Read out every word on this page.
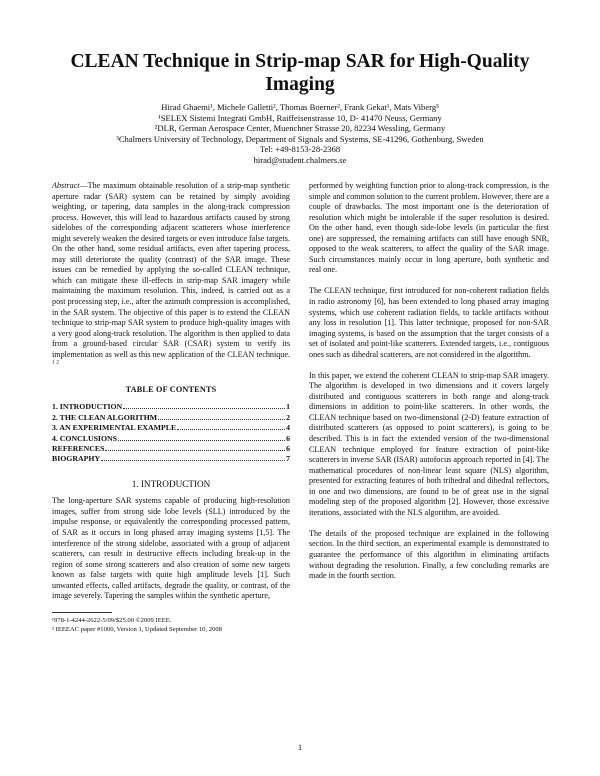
CLEAN Technique in Strip-map SAR for High-Quality Imaging
Hirad Ghaemi¹, Michele Galletti², Thomas Boerner², Frank Gekat¹, Mats Viberg³
¹SELEX Sistemi Integrati GmbH, Raiffeisenstrasse 10, D- 41470 Neuss, Germany
²DLR, German Aerospace Center, Muenchner Strasse 20, 82234 Wessling, Germany
³Chalmers University of Technology, Department of Signals and Systems, SE-41296, Gothenburg, Sweden
Tel: +49-8153-28-2368
hirad@student.chalmers.se

Abstract—The maximum obtainable resolution of a strip-map synthetic aperture radar (SAR) system can be retained by simply avoiding weighting, or tapering, data samples in the along-track compression process. However, this will lead to hazardous artifacts caused by strong sidelobes of the corresponding adjacent scatterers whose interference might severely weaken the desired targets or even introduce false targets. On the other hand, some residual artifacts, even after tapering process, may still deteriorate the quality (contrast) of the SAR image. These issues can be remedied by applying the so-called CLEAN technique, which can mitigate these ill-effects in strip-map SAR imagery while maintaining the maximum resolution. This, indeed, is carried out as a post processing step, i.e., after the azimuth compression is accomplished, in the SAR system. The objective of this paper is to extend the CLEAN technique to strip-map SAR system to produce high-quality images with a very good along-track resolution. The algorithm is then applied to data from a ground-based circular SAR (CSAR) system to verify its implementation as well as this new application of the CLEAN technique. $^{1 2}$

TABLE OF CONTENTS
1. INTRODUCTION	1
2. THE CLEAN ALGORITHM	2
3. AN EXPERIMENTAL EXAMPLE	4
4. CONCLUSIONS	6
REFERENCES	6
BIOGRAPHY	7
1. INTRODUCTION

The long-aperture SAR systems capable of producing high-resolution images, suffer from strong side lobe levels (SLL) introduced by the impulse response, or equivalently the corresponding processed pattern, of SAR as it occurs in long phased array imaging systems [1,5]. The interference of the strong sidelobe, associated with a group of adjacent scatterers, can result in destructive effects including break-up in the region of some strong scatterers and also creation of some new targets known as false targets with quite high amplitude levels [1]. Such unwanted effects, called artifacts, degrade the quality, or contrast, of the image severely. Tapering the samples within the synthetic aperture,

¹978-1-4244-2622-5/09/$25.00 ©2009 IEEE.
² IEEEAC paper #1000, Version 1, Updated September 10, 2008

performed by weighting function prior to along-track compression, is the simple and common solution to the current problem. However, there are a couple of drawbacks. The most important one is the deterioration of resolution which might be intolerable if the super resolution is desired. On the other hand, even though side-lobe levels (in particular the first one) are suppressed, the remaining artifacts can still have enough SNR, opposed to the weak scatterers, to affect the quality of the SAR image. Such circumstances mainly occur in long aperture, both synthetic and real one.

The CLEAN technique, first introduced for non-coherent radiation fields in radio astronomy [6], has been extended to long phased array imaging systems, which use coherent radiation fields, to tackle artifacts without any loss in resolution [1]. This latter technique, proposed for non-SAR imaging systems, is based on the assumption that the target consists of a set of isolated and point-like scatterers. Extended targets, i.e., contiguous ones such as dihedral scatterers, are not considered in the algorithm.

In this paper, we extend the coherent CLEAN to strip-map SAR imagery. The algorithm is developed in two dimensions and it covers largely distributed and contiguous scatterers in both range and along-track dimensions in addition to point-like scatterers. In other words, the CLEAN technique based on two-dimensional (2-D) feature extraction of distributed scatterers (as opposed to point scatterers), is going to be described. This is in fact the extended version of the two-dimensional CLEAN technique employed for feature extraction of point-like scatterers in inverse SAR (ISAR) autofocus approach reported in [4]. The mathematical procedures of non-linear least square (NLS) algorithm, presented for extracting features of both trihedral and dihedral reflectors, in one and two dimensions, are found to be of great use in the signal modeling step of the proposed algorithm [2]. However, those excessive iterations, associated with the NLS algorithm, are avoided.

The details of the proposed technique are explained in the following section. In the third section, an experimental example is demonstrated to guarantee the performance of this algorithm in eliminating artifacts without degrading the resolution. Finally, a few concluding remarks are made in the fourth section.

1
